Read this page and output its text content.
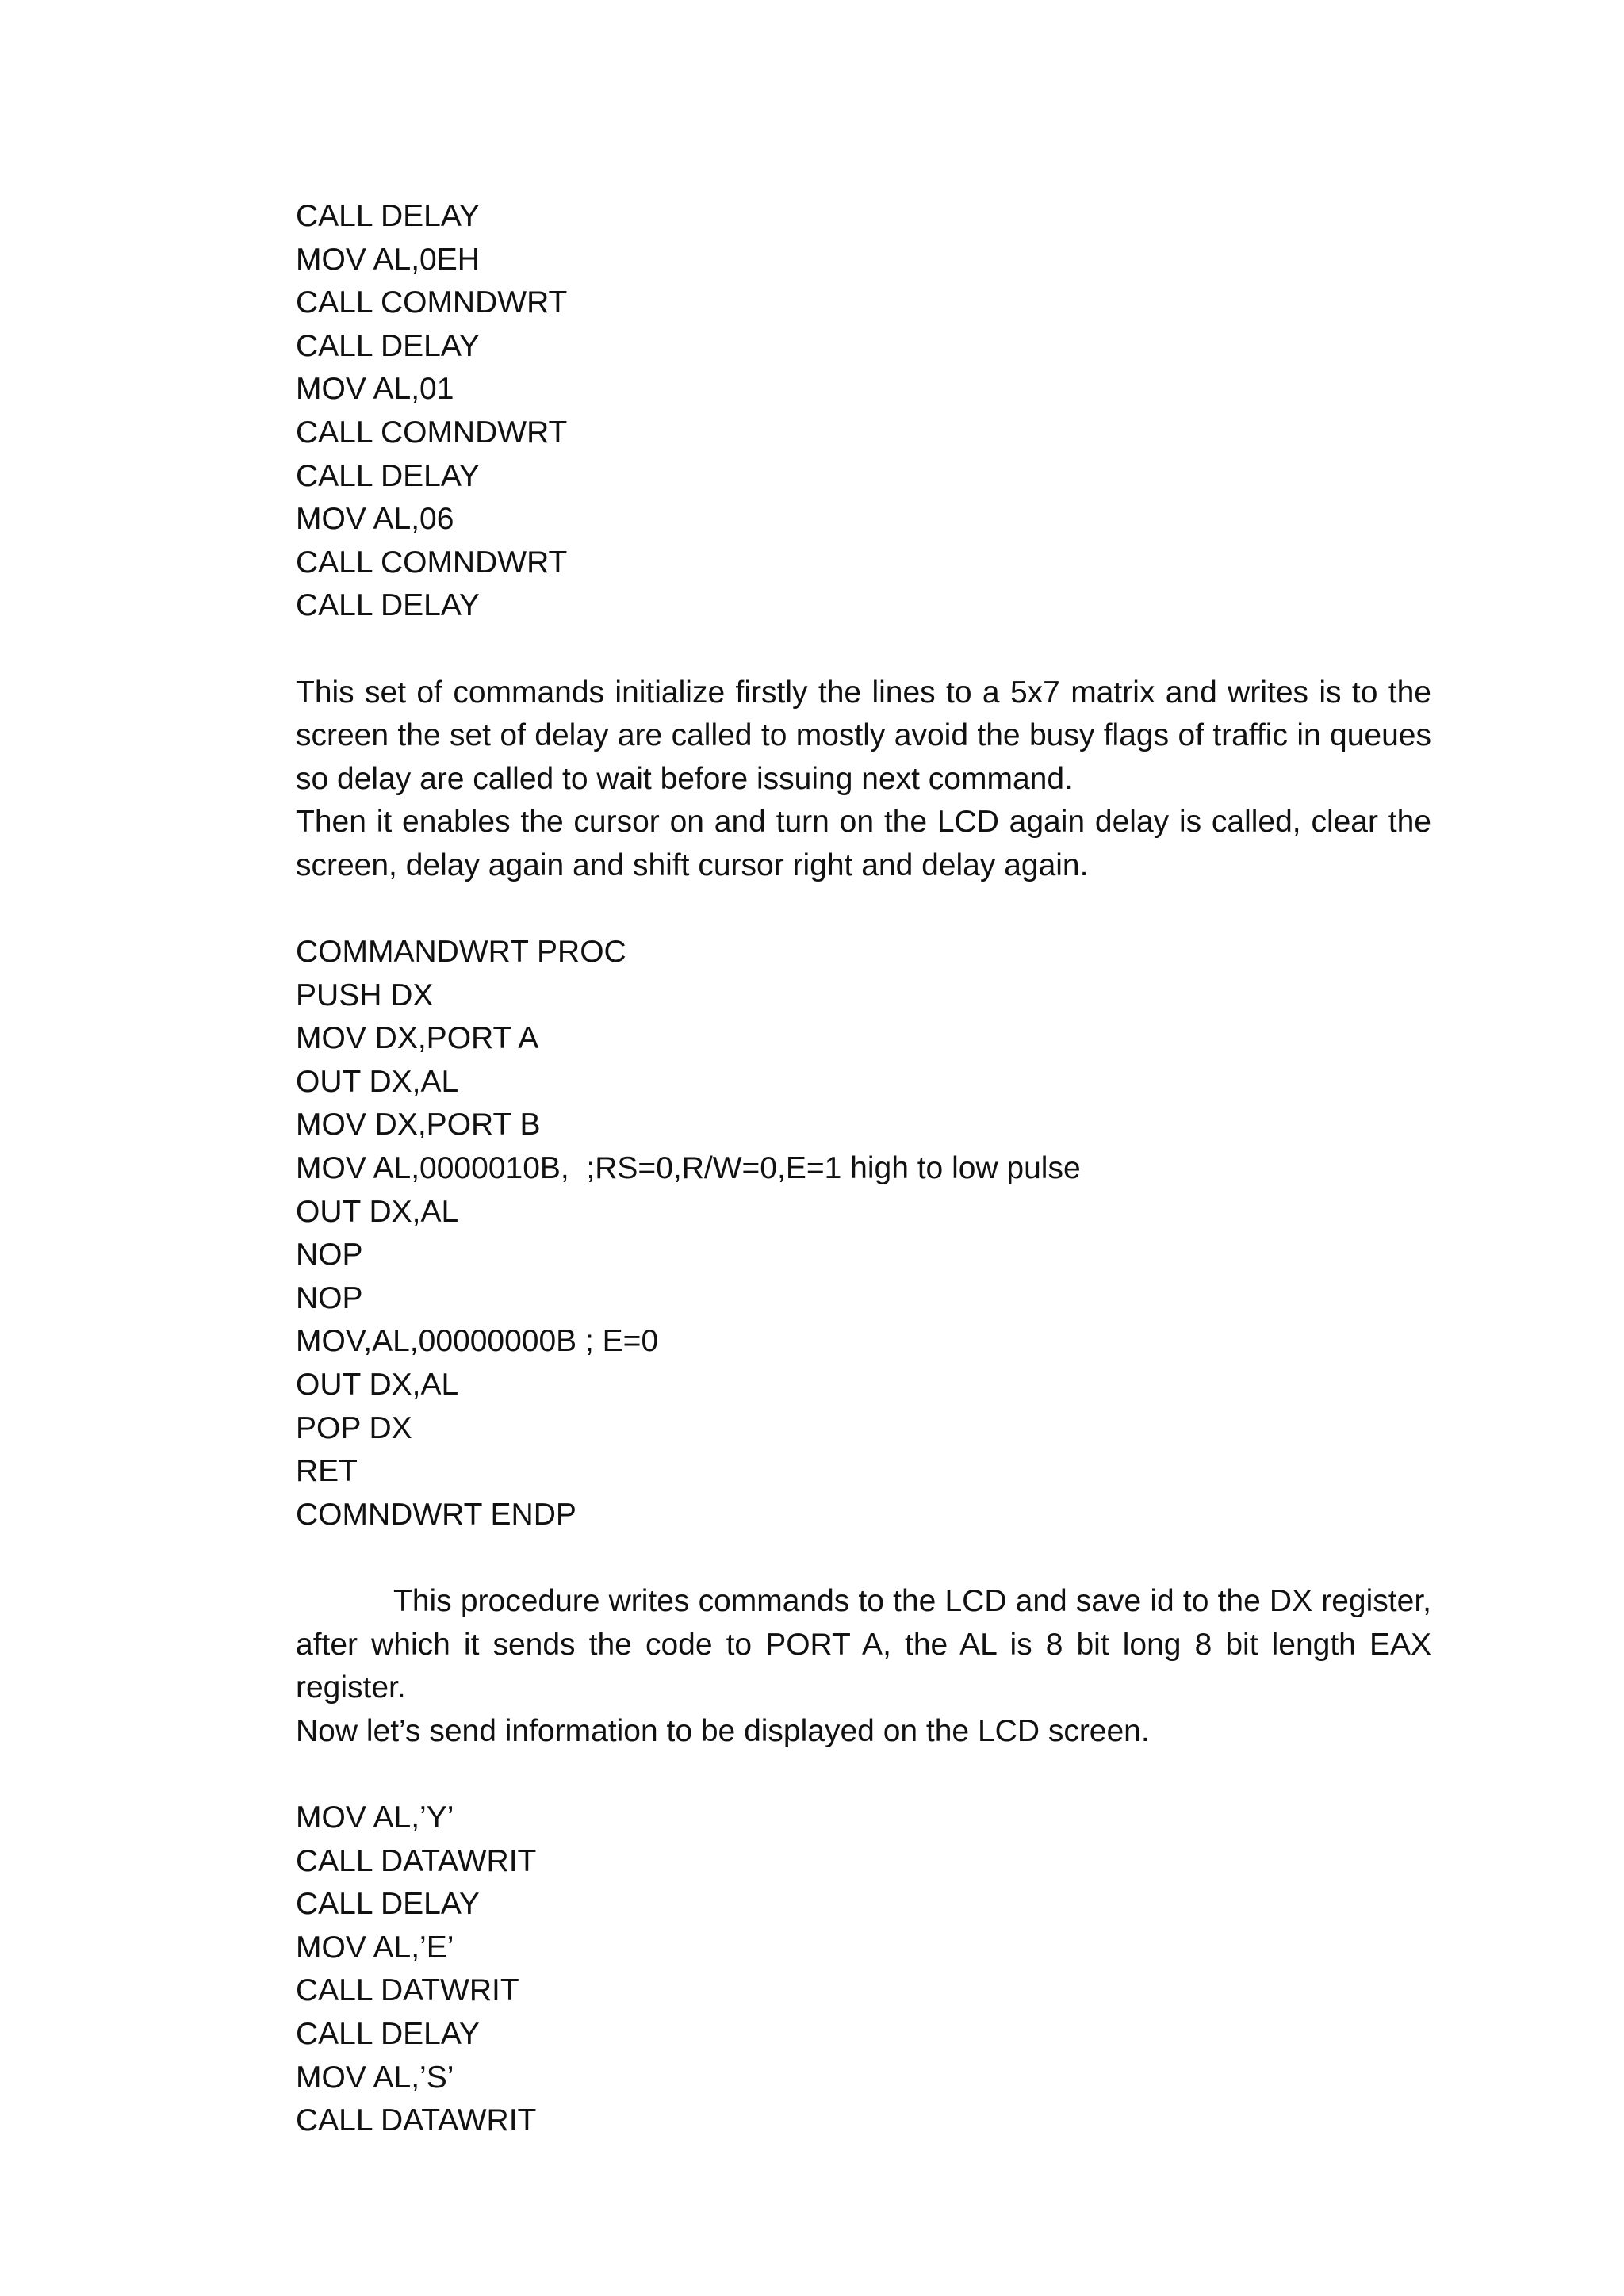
CALL DELAY
MOV AL,0EH
CALL COMNDWRT
CALL DELAY
MOV AL,01
CALL COMNDWRT
CALL DELAY
MOV AL,06
CALL COMNDWRT
CALL DELAY

This set of commands initialize firstly the lines to a 5x7 matrix and writes is to the screen the set of delay are called to mostly avoid the busy flags of traffic in queues so delay are called to wait before issuing next command.

Then it enables the cursor on and turn on the LCD again delay is called, clear the screen, delay again and shift cursor right and delay again.

COMMANDWRT PROC
PUSH DX
MOV DX,PORT A
OUT DX,AL
MOV DX,PORT B
MOV AL,0000010B,  ;RS=0,R/W=0,E=1 high to low pulse
OUT DX,AL
NOP
NOP
MOV,AL,00000000B ; E=0
OUT DX,AL
POP DX
RET
COMNDWRT ENDP

This procedure writes commands to the LCD and save id to the DX register, after which it sends the code to PORT A, the AL is 8 bit long 8 bit length EAX register.

Now let’s send information to be displayed on the LCD screen.

MOV AL,’Y’
CALL DATAWRIT
CALL DELAY
MOV AL,’E’
CALL DATWRIT
CALL DELAY
MOV AL,’S’
CALL DATAWRIT
